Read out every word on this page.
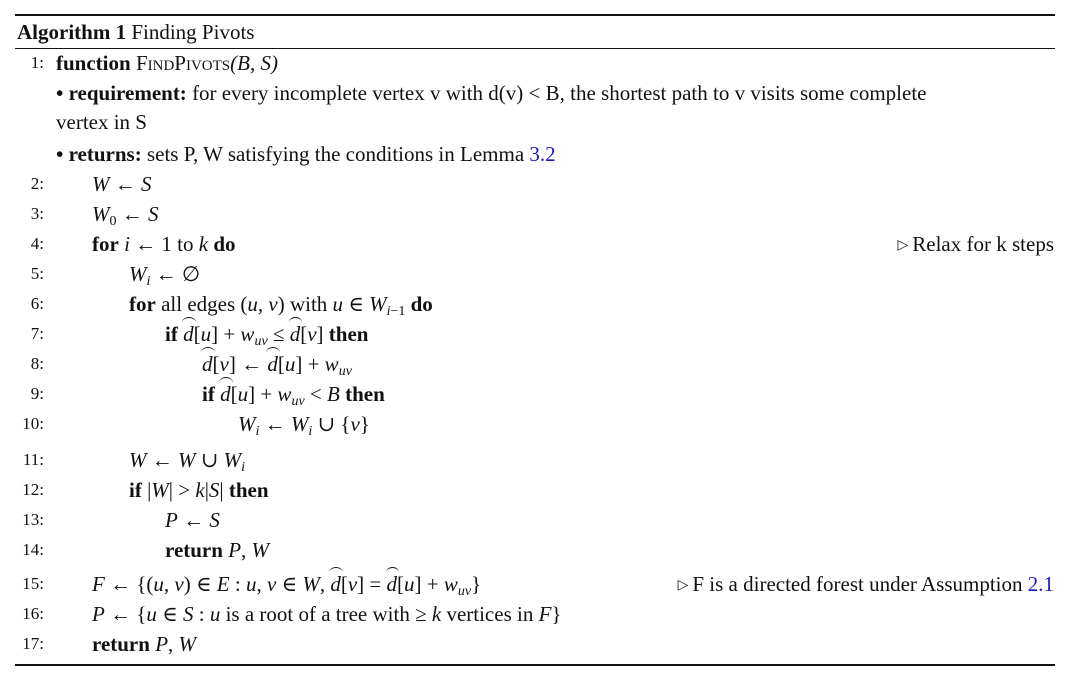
Algorithm 1 Finding Pivots
1: function FindPivots(B, S)
• requirement: for every incomplete vertex v with d(v) < B, the shortest path to v visits some complete
vertex in S
• returns: sets P, W satisfying the conditions in Lemma 3.2
2: W ← S
3: W0 ← S
4: for i ← 1 to k do	▷ Relax for k steps
5:	$W_i$ ← ∅
6:	for all edges (u, v) with u ∈ $W_i-1$ do
7:	if $d[u] + w_{uv} \le d[v]$ then
8:	d[v] ← $d[u] + w_{uv}$
9:	if $d[u] + w_{uv} < B$ then
10:	$W_i$ ← $W_i$ ∪ {v}
11:	W ← W ∪ $W_i$
12:	if |W| > k|S| then
13:	P ← S
14:	return P, W
15: F ← {(u, v) ∈ E : u, v ∈ W, $d[v] = d[u] + w_{uv}$}	▷ F is a directed forest under Assumption 2.1
16: P ← {u ∈ S : u is a root of a tree with ≥ k vertices in F}
17: return P, W
